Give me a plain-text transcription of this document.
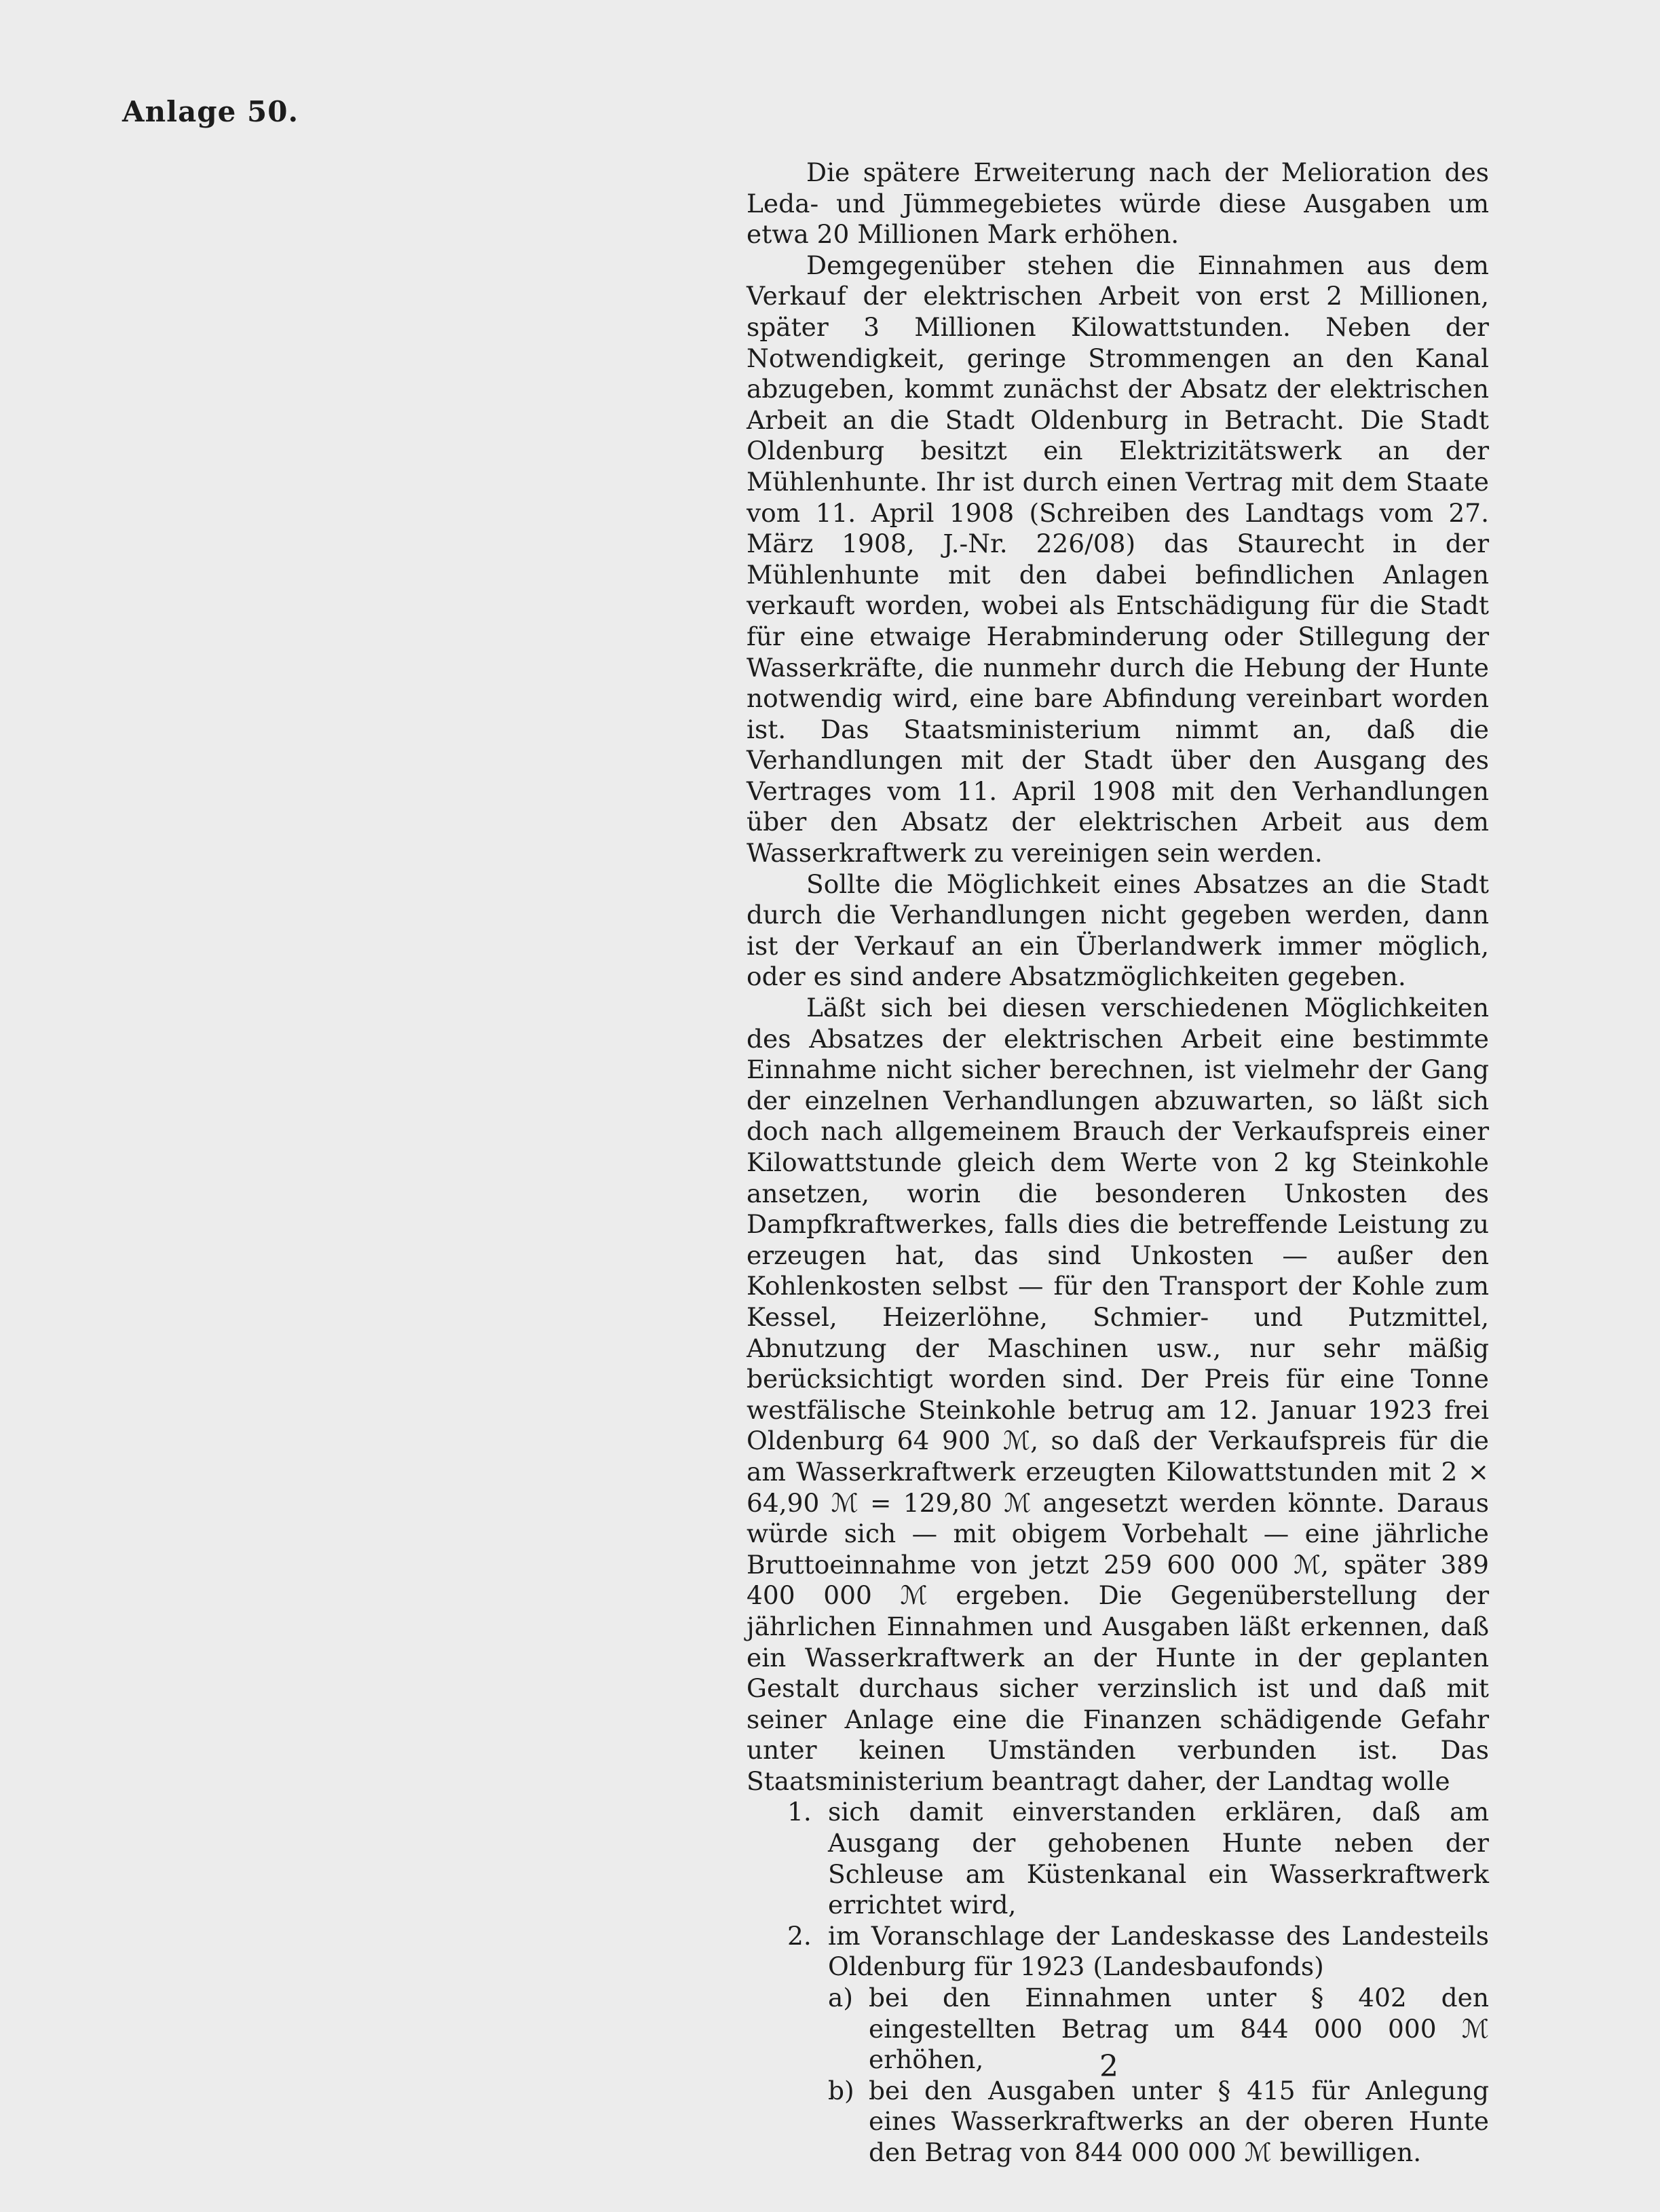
Anlage 50.

Die spätere Erweiterung nach der Melioration des Leda- und Jümmegebietes würde diese Ausgaben um etwa 20 Millionen Mark erhöhen.

Demgegenüber stehen die Einnahmen aus dem Verkauf der elektrischen Arbeit von erst 2 Millionen, später 3 Millionen Kilowattstunden. Neben der Notwendigkeit, geringe Strommengen an den Kanal abzugeben, kommt zunächst der Absatz der elektrischen Arbeit an die Stadt Oldenburg in Betracht. Die Stadt Oldenburg besitzt ein Elektrizitätswerk an der Mühlenhunte. Ihr ist durch einen Vertrag mit dem Staate vom 11. April 1908 (Schreiben des Landtags vom 27. März 1908, J.-Nr. 226/08) das Staurecht in der Mühlenhunte mit den dabei befindlichen Anlagen verkauft worden, wobei als Entschädigung für die Stadt für eine etwaige Herabminderung oder Stillegung der Wasserkräfte, die nunmehr durch die Hebung der Hunte notwendig wird, eine bare Abfindung vereinbart worden ist. Das Staatsministerium nimmt an, daß die Verhandlungen mit der Stadt über den Ausgang des Vertrages vom 11. April 1908 mit den Verhandlungen über den Absatz der elektrischen Arbeit aus dem Wasserkraftwerk zu vereinigen sein werden.

Sollte die Möglichkeit eines Absatzes an die Stadt durch die Verhandlungen nicht gegeben werden, dann ist der Verkauf an ein Überlandwerk immer möglich, oder es sind andere Absatzmöglichkeiten gegeben.

Läßt sich bei diesen verschiedenen Möglichkeiten des Absatzes der elektrischen Arbeit eine bestimmte Einnahme nicht sicher berechnen, ist vielmehr der Gang der einzelnen Verhandlungen abzuwarten, so läßt sich doch nach allgemeinem Brauch der Verkaufspreis einer Kilowattstunde gleich dem Werte von 2 kg Steinkohle ansetzen, worin die besonderen Unkosten des Dampfkraftwerkes, falls dies die betreffende Leistung zu erzeugen hat, das sind Unkosten — außer den Kohlenkosten selbst — für den Transport der Kohle zum Kessel, Heizerlöhne, Schmier- und Putzmittel, Abnutzung der Maschinen usw., nur sehr mäßig berücksichtigt worden sind. Der Preis für eine Tonne westfälische Steinkohle betrug am 12. Januar 1923 frei Oldenburg 64 900 ℳ, so daß der Verkaufspreis für die am Wasserkraftwerk erzeugten Kilowattstunden mit 2 × 64,90 ℳ = 129,80 ℳ angesetzt werden könnte. Daraus würde sich — mit obigem Vorbehalt — eine jährliche Bruttoeinnahme von jetzt 259 600 000 ℳ, später 389 400 000 ℳ ergeben. Die Gegenüberstellung der jährlichen Einnahmen und Ausgaben läßt erkennen, daß ein Wasserkraftwerk an der Hunte in der geplanten Gestalt durchaus sicher verzinslich ist und daß mit seiner Anlage eine die Finanzen schädigende Gefahr unter keinen Umständen verbunden ist. Das Staatsministerium beantragt daher, der Landtag wolle

1. sich damit einverstanden erklären, daß am Ausgang der gehobenen Hunte neben der Schleuse am Küstenkanal ein Wasserkraftwerk errichtet wird,
2. im Voranschlage der Landeskasse des Landesteils Oldenburg für 1923 (Landesbaufonds)
a) bei den Einnahmen unter § 402 den eingestellten Betrag um 844 000 000 ℳ erhöhen,
b) bei den Ausgaben unter § 415 für Anlegung eines Wasserkraftwerks an der oberen Hunte den Betrag von 844 000 000 ℳ bewilligen.
2
